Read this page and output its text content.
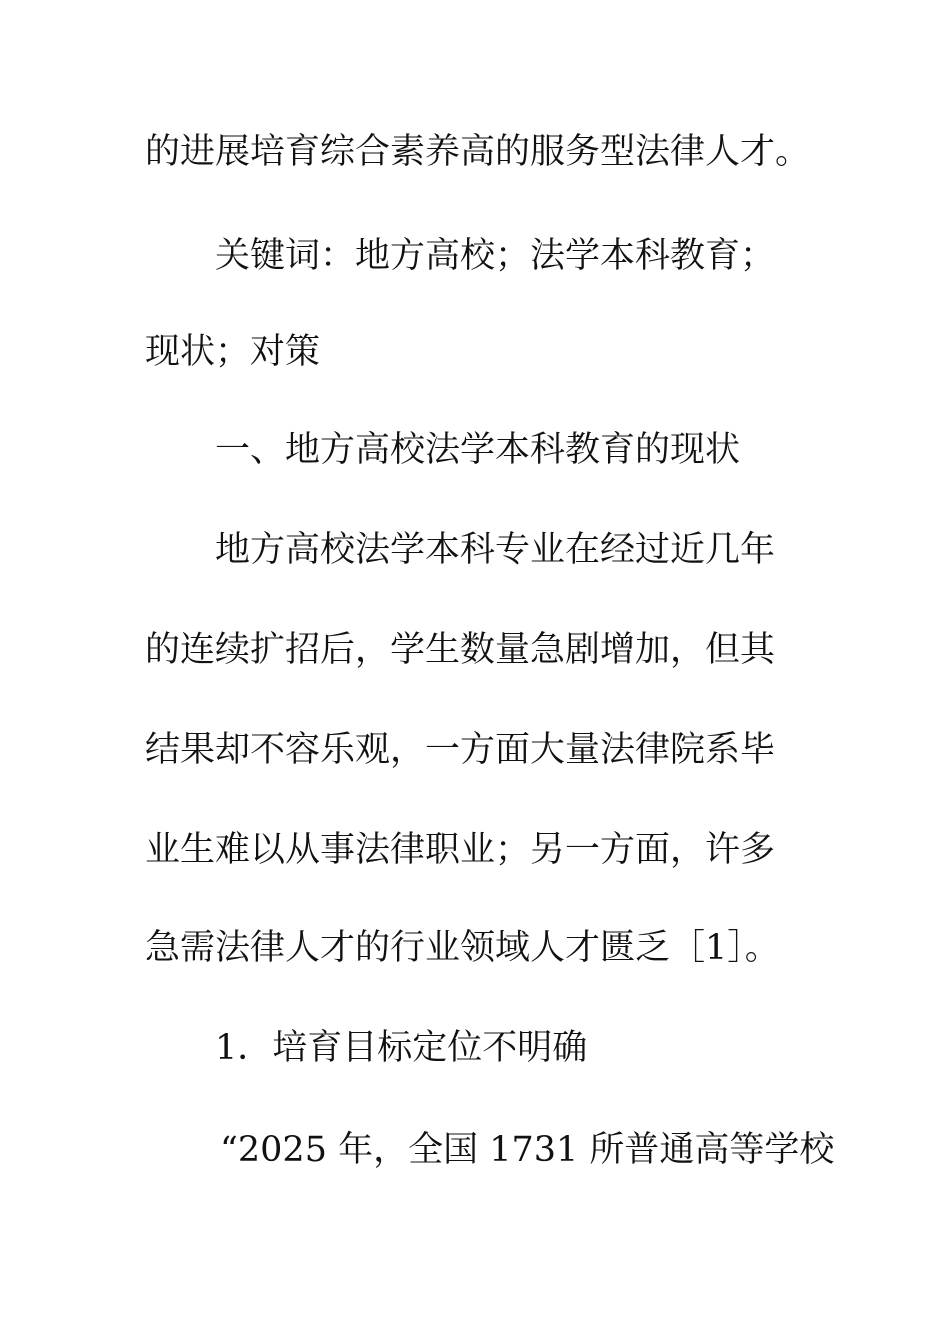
的进展培育综合素养高的服务型法律人才。
关键词：地方高校；法学本科教育；
现状；对策
一、地方高校法学本科教育的现状
地方高校法学本科专业在经过近几年
的连续扩招后，学生数量急剧增加，但其
结果却不容乐观，一方面大量法律院系毕
业生难以从事法律职业；另一方面，许多
急需法律人才的行业领域人才匮乏［1］。
1．培育目标定位不明确
“2025 年，全国 1731 所普通高等学校
